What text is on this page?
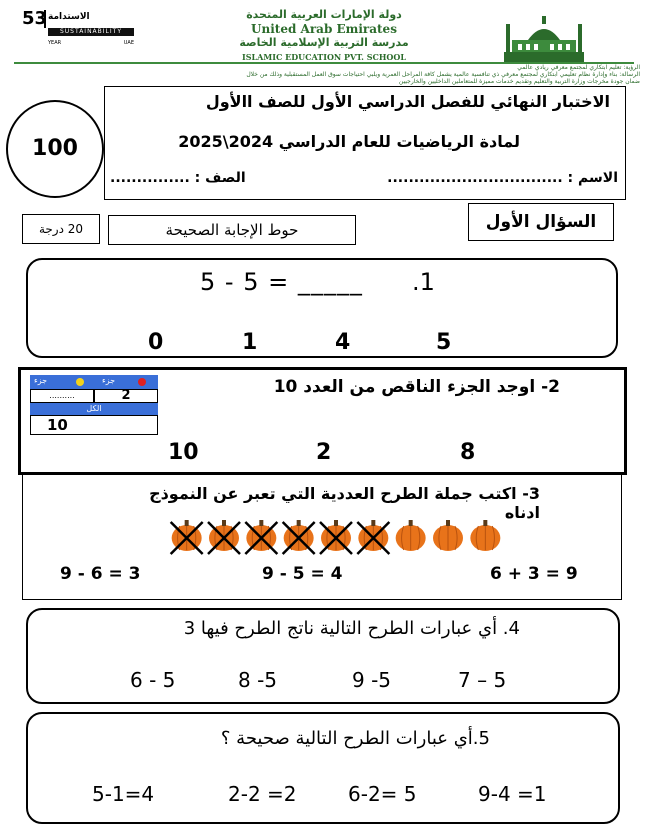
53 الاستدامة
SUSTAINABILITY
YEAR	UAE
دولة الإمارات العربية المتحدة
United Arab Emirates
مدرسة التربية الإسلامية الخاصة
ISLAMIC EDUCATION PVT. SCHOOL
الرؤية: تعليم ابتكاري لمجتمع معرفي ريادي عالمي
الرسالة: بناء وإدارة نظام تعليمي ابتكاري لمجتمع معرفي ذي تنافسية عالمية يشمل كافة المراحل العمرية ويلبي احتياجات سوق العمل المستقبلية وذلك من خلال
ضمان جودة مخرجات وزارة التربية والتعليم وتقديم خدمات مميزة للمتعاملين الداخليين والخارجيين
100
الاختبار النهائي للفصل الدراسي الأول للصف االأول
لمادة الرياضيات للعام الدراسي 2024\2025
الاسم : .................................
الصف : ...............
السؤال الأول
حوط الإجابة الصحيحة
20 درجة
.1
5 - 5 = _____
5
4
1
0
2- اوجد الجزء الناقص من العدد 10
جزء	جزء
..........	2
الكل
10
8
2
10
3- اكتب جملة الطرح العددية التي تعبر عن النموذج ادناه
6 + 3 = 9
9 - 5 = 4
9 - 6 = 3
4. أي عبارات الطرح التالية ناتج الطرح فيها 3
7 – 5
9 -5
8 -5
6 - 5
5.أي عبارات الطرح التالية صحيحة ؟
9-4 =1
6-2= 5
2-2 =2
5-1=4
